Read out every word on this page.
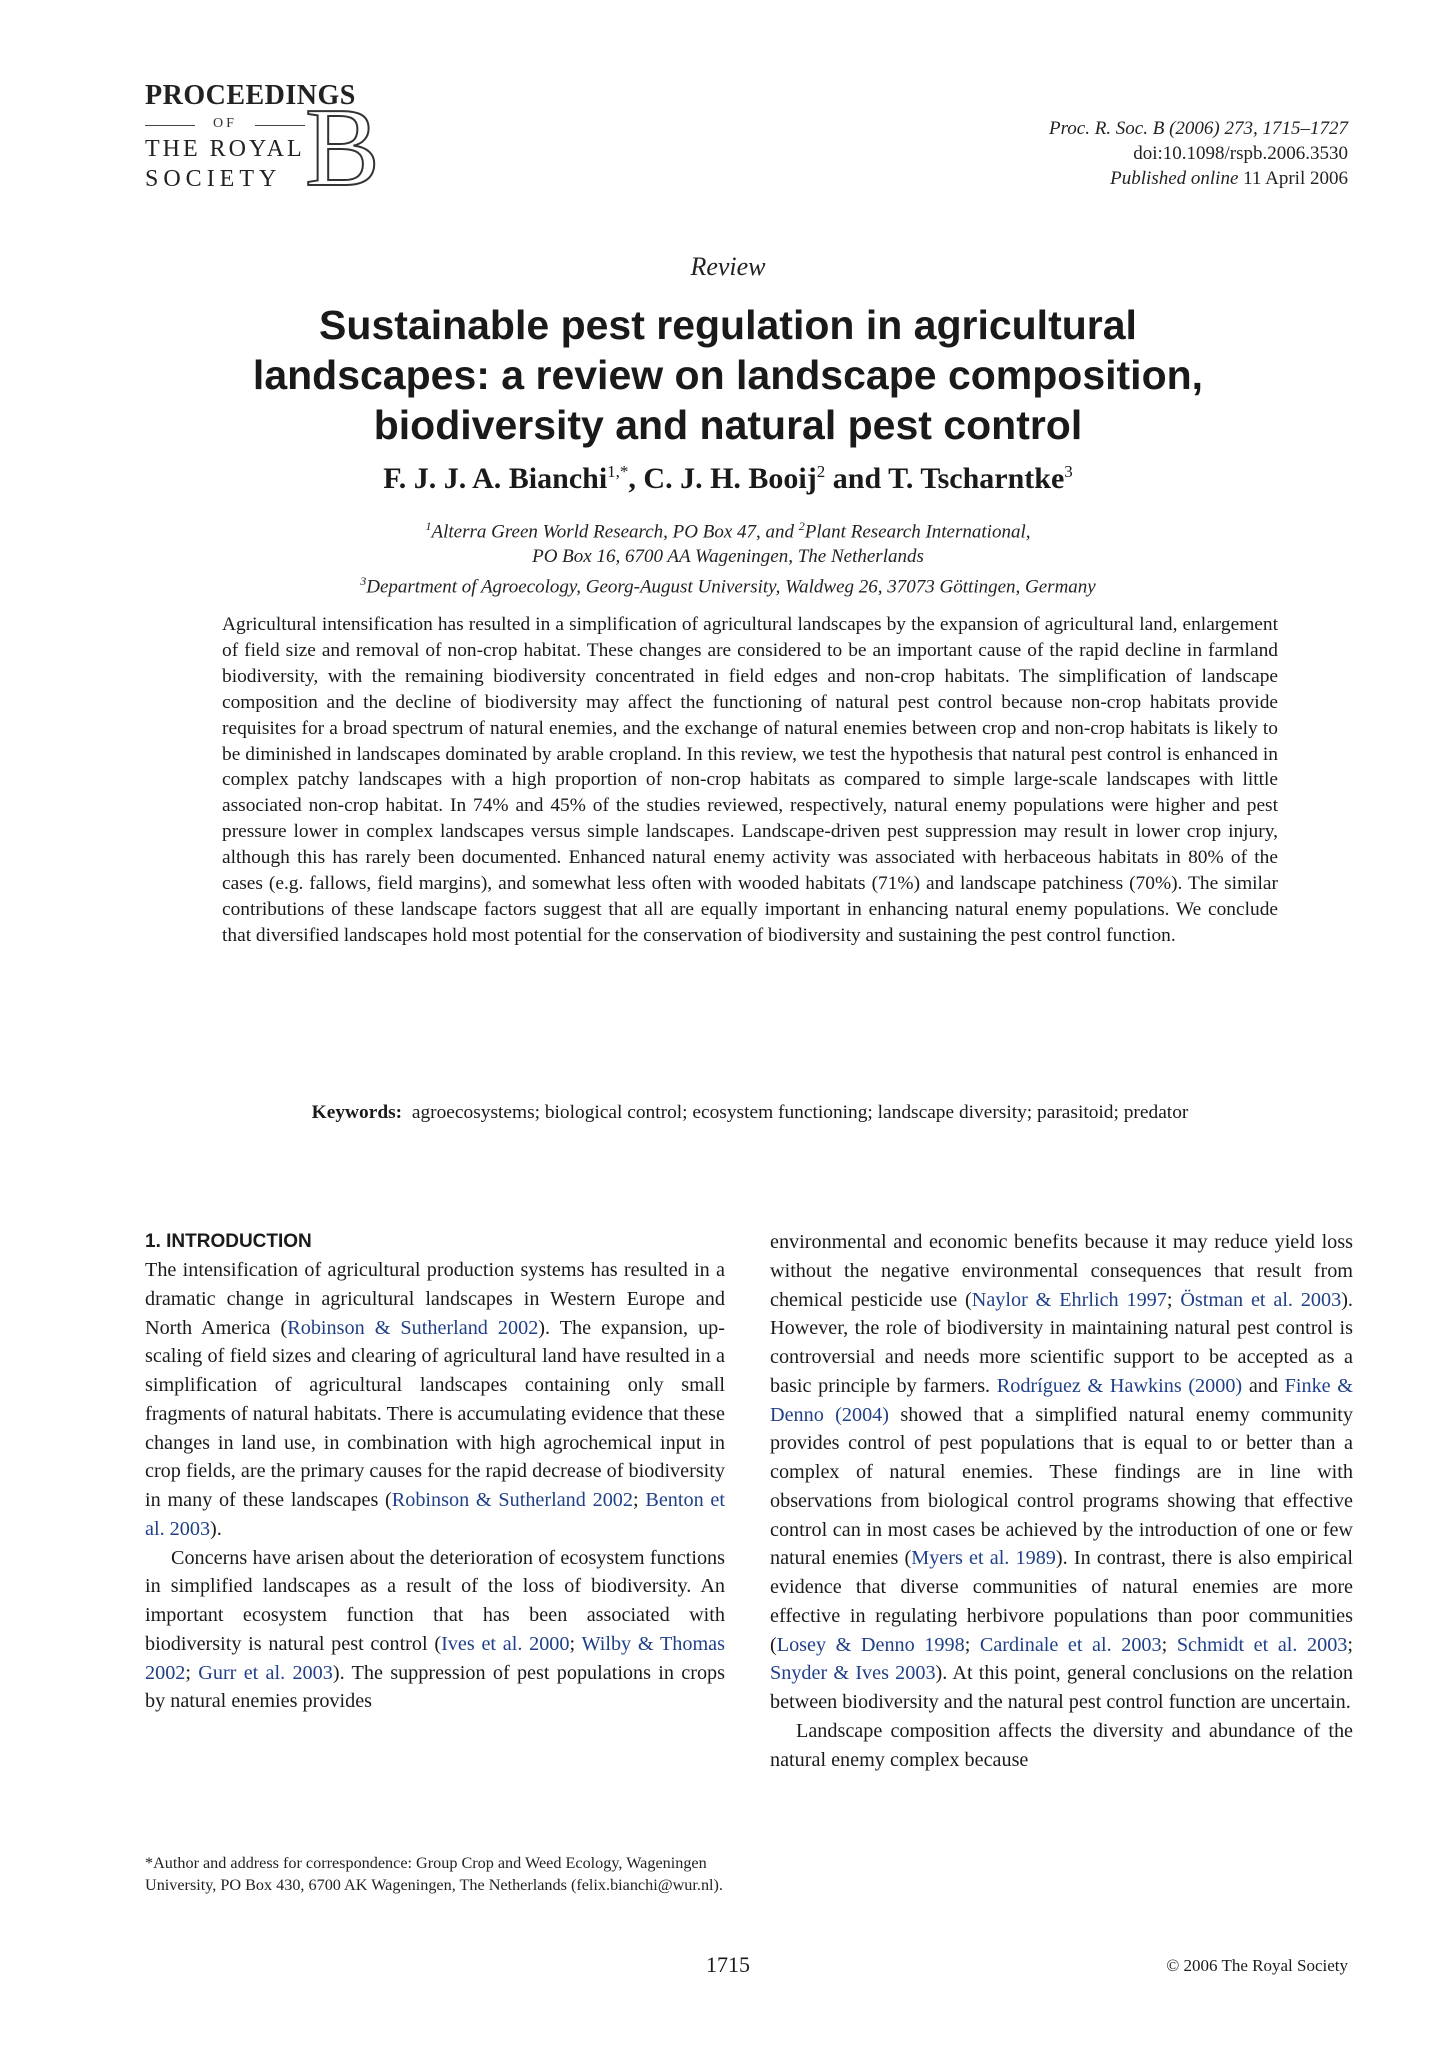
PROCEEDINGS
OF
THE ROYAL
SOCIETY B	Proc. R. Soc. B (2006) 273, 1715–1727
doi:10.1098/rspb.2006.3530
Published online 11 April 2006
Review
Sustainable pest regulation in agricultural
landscapes: a review on landscape composition,
biodiversity and natural pest control
F. J. J. A. Bianchi$^{1,*}$, C. J. H. Booij$^2$ and T. Tscharntke$^3$
$^1$Alterra Green World Research, PO Box 47, and $^2$Plant Research International,
PO Box 16, 6700 AA Wageningen, The Netherlands
$^3$Department of Agroecology, Georg-August University, Waldweg 26, 37073 Göttingen, Germany
Agricultural intensification has resulted in a simplification of agricultural landscapes by the expansion of agricultural land, enlargement of field size and removal of non-crop habitat. These changes are considered to be an important cause of the rapid decline in farmland biodiversity, with the remaining biodiversity concentrated in field edges and non-crop habitats. The simplification of landscape composition and the decline of biodiversity may affect the functioning of natural pest control because non-crop habitats provide requisites for a broad spectrum of natural enemies, and the exchange of natural enemies between crop and non-crop habitats is likely to be diminished in landscapes dominated by arable cropland. In this review, we test the hypothesis that natural pest control is enhanced in complex patchy landscapes with a high proportion of non-crop habitats as compared to simple large-scale landscapes with little associated non-crop habitat. In 74% and 45% of the studies reviewed, respectively, natural enemy populations were higher and pest pressure lower in complex landscapes versus simple landscapes. Landscape-driven pest suppression may result in lower crop injury, although this has rarely been documented. Enhanced natural enemy activity was associated with herbaceous habitats in 80% of the cases (e.g. fallows, field margins), and somewhat less often with wooded habitats (71%) and landscape patchiness (70%). The similar contributions of these landscape factors suggest that all are equally important in enhancing natural enemy populations. We conclude that diversified landscapes hold most potential for the conservation of biodiversity and sustaining the pest control function.
Keywords: agroecosystems; biological control; ecosystem functioning; landscape diversity; parasitoid; predator
1. INTRODUCTION

The intensification of agricultural production systems has resulted in a dramatic change in agricultural landscapes in Western Europe and North America (Robinson & Sutherland 2002). The expansion, up-scaling of field sizes and clearing of agricultural land have resulted in a simplification of agricultural landscapes containing only small fragments of natural habitats. There is accumulating evidence that these changes in land use, in combination with high agrochemical input in crop fields, are the primary causes for the rapid decrease of biodiversity in many of these landscapes (Robinson & Sutherland 2002; Benton et al. 2003).

Concerns have arisen about the deterioration of ecosystem functions in simplified landscapes as a result of the loss of biodiversity. An important ecosystem function that has been associated with biodiversity is natural pest control (Ives et al. 2000; Wilby & Thomas 2002; Gurr et al. 2003). The suppression of pest populations in crops by natural enemies provides

environmental and economic benefits because it may reduce yield loss without the negative environmental consequences that result from chemical pesticide use (Naylor & Ehrlich 1997; Östman et al. 2003). However, the role of biodiversity in maintaining natural pest control is controversial and needs more scientific support to be accepted as a basic principle by farmers. Rodríguez & Hawkins (2000) and Finke & Denno (2004) showed that a simplified natural enemy community provides control of pest populations that is equal to or better than a complex of natural enemies. These findings are in line with observations from biological control programs showing that effective control can in most cases be achieved by the introduction of one or few natural enemies (Myers et al. 1989). In contrast, there is also empirical evidence that diverse communities of natural enemies are more effective in regulating herbivore populations than poor communities (Losey & Denno 1998; Cardinale et al. 2003; Schmidt et al. 2003; Snyder & Ives 2003). At this point, general conclusions on the relation between biodiversity and the natural pest control function are uncertain.

Landscape composition affects the diversity and abundance of the natural enemy complex because

*Author and address for correspondence: Group Crop and Weed Ecology, Wageningen University, PO Box 430, 6700 AK Wageningen, The Netherlands (felix.bianchi@wur.nl).
1715	© 2006 The Royal Society
